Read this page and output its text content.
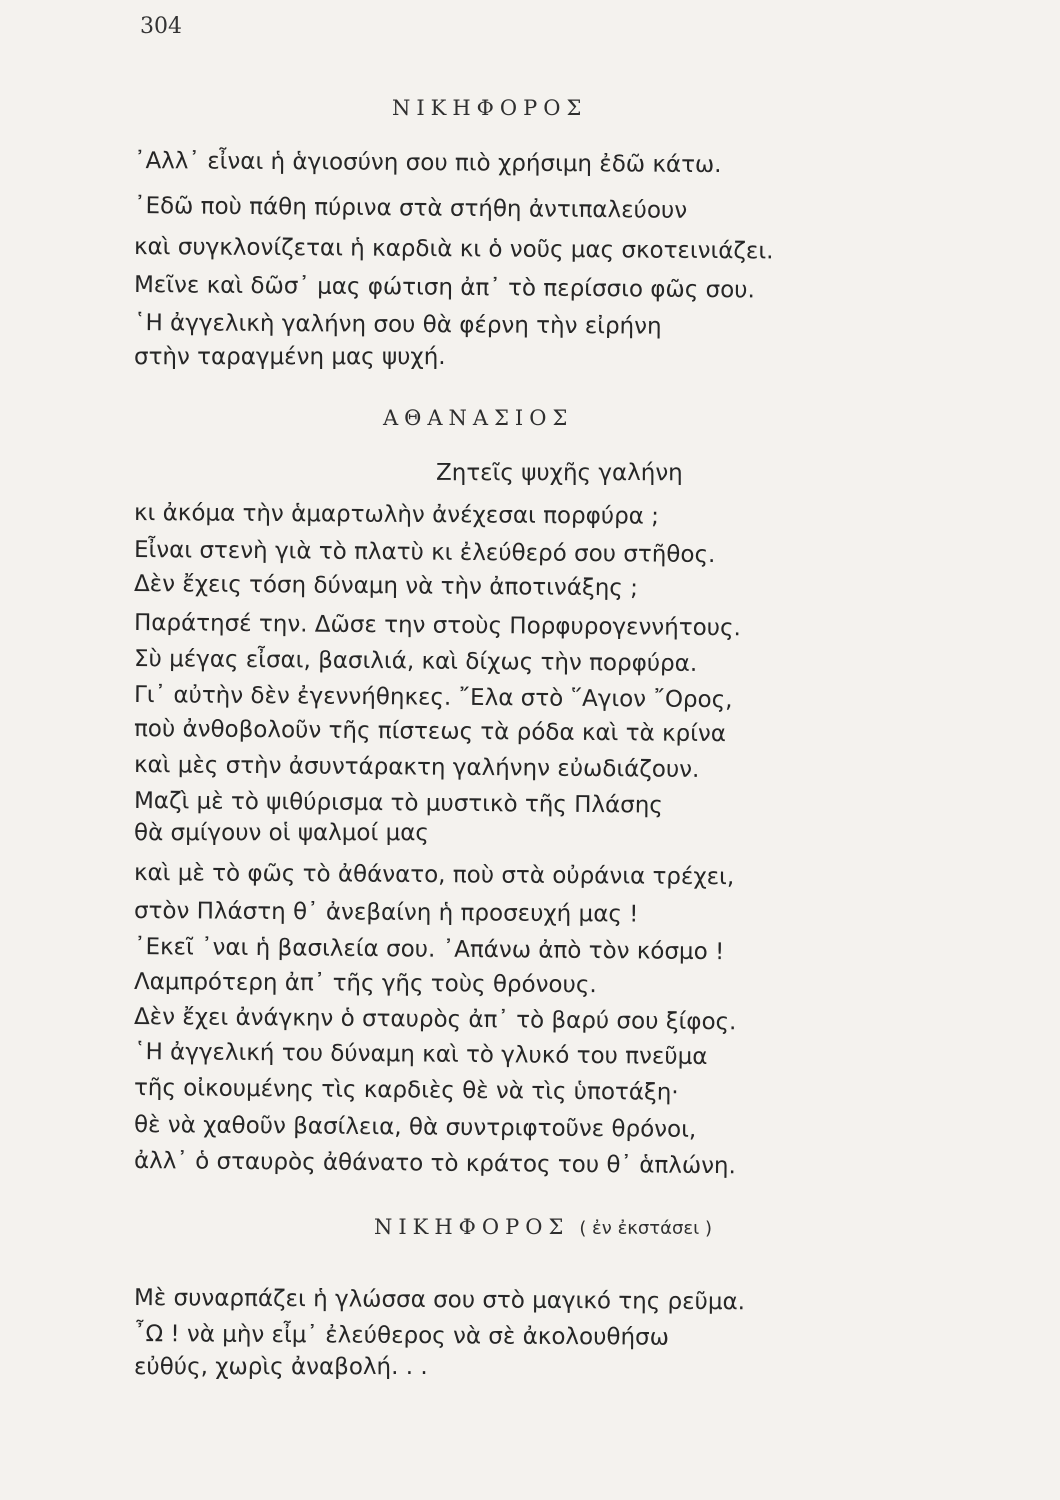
304
ΝΙΚΗΦΟΡΟΣ
᾿Αλλ᾿ εἶναι ἡ ἁγιοσύνη σου πιὸ χρήσιμη ἐδῶ κάτω.
᾿Εδῶ ποὺ πάθη πύρινα στὰ στήθη ἀντιπαλεύουν
καὶ συγκλονίζεται ἡ καρδιὰ κι ὁ νοῦς μας σκοτεινιάζει.
Μεῖνε καὶ δῶσ᾿ μας φώτιση ἀπ᾿ τὸ περίσσιο φῶς σου.
῾Η ἀγγελικὴ γαλήνη σου θὰ φέρνη τὴν εἰρήνη
στὴν ταραγμένη μας ψυχή.
ΑΘΑΝΑΣΙΟΣ
Ζητεῖς ψυχῆς γαλήνη
κι ἀκόμα τὴν ἁμαρτωλὴν ἀνέχεσαι πορφύρα ;
Εἶναι στενὴ γιὰ τὸ πλατὺ κι ἐλεύθερό σου στῆθος.
Δὲν ἔχεις τόση δύναμη νὰ τὴν ἀποτινάξης ;
Παράτησέ την. Δῶσε την στοὺς Πορφυρογεννήτους.
Σὺ μέγας εἶσαι, βασιλιά, καὶ δίχως τὴν πορφύρα.
Γι᾿ αὐτὴν δὲν ἐγεννήθηκες. ῎Ελα στὸ ῞Αγιον ῎Ορος,
ποὺ ἀνθοβολοῦν τῆς πίστεως τὰ ρόδα καὶ τὰ κρίνα
καὶ μὲς στὴν ἀσυντάρακτη γαλήνην εὐωδιάζουν.
Μαζὶ μὲ τὸ ψιθύρισμα τὸ μυστικὸ τῆς Πλάσης
θὰ σμίγουν οἱ ψαλμοί μας
καὶ μὲ τὸ φῶς τὸ ἀθάνατο, ποὺ στὰ οὐράνια τρέχει,
στὸν Πλάστη θ᾿ ἀνεβαίνη ἡ προσευχή μας !
᾿Εκεῖ ᾿ναι ἡ βασιλεία σου. ᾿Απάνω ἀπὸ τὸν κόσμο !
Λαμπρότερη ἀπ᾿ τῆς γῆς τοὺς θρόνους.
Δὲν ἔχει ἀνάγκην ὁ σταυρὸς ἀπ᾿ τὸ βαρύ σου ξίφος.
῾Η ἀγγελική του δύναμη καὶ τὸ γλυκό του πνεῦμα
τῆς οἰκουμένης τὶς καρδιὲς θὲ νὰ τὶς ὑποτάξη·
θὲ νὰ χαθοῦν βασίλεια, θὰ συντριφτοῦνε θρόνοι,
ἀλλ᾿ ὁ σταυρὸς ἀθάνατο τὸ κράτος του θ᾿ ἁπλώνη.
ΝΙΚΗΦΟΡΟΣ ( ἐν ἐκστάσει )
Μὲ συναρπάζει ἡ γλώσσα σου στὸ μαγικό της ρεῦμα.
῏Ω ! νὰ μὴν εἶμ᾿ ἐλεύθερος νὰ σὲ ἀκολουθήσω
εὐθύς, χωρὶς ἀναβολή. . .
